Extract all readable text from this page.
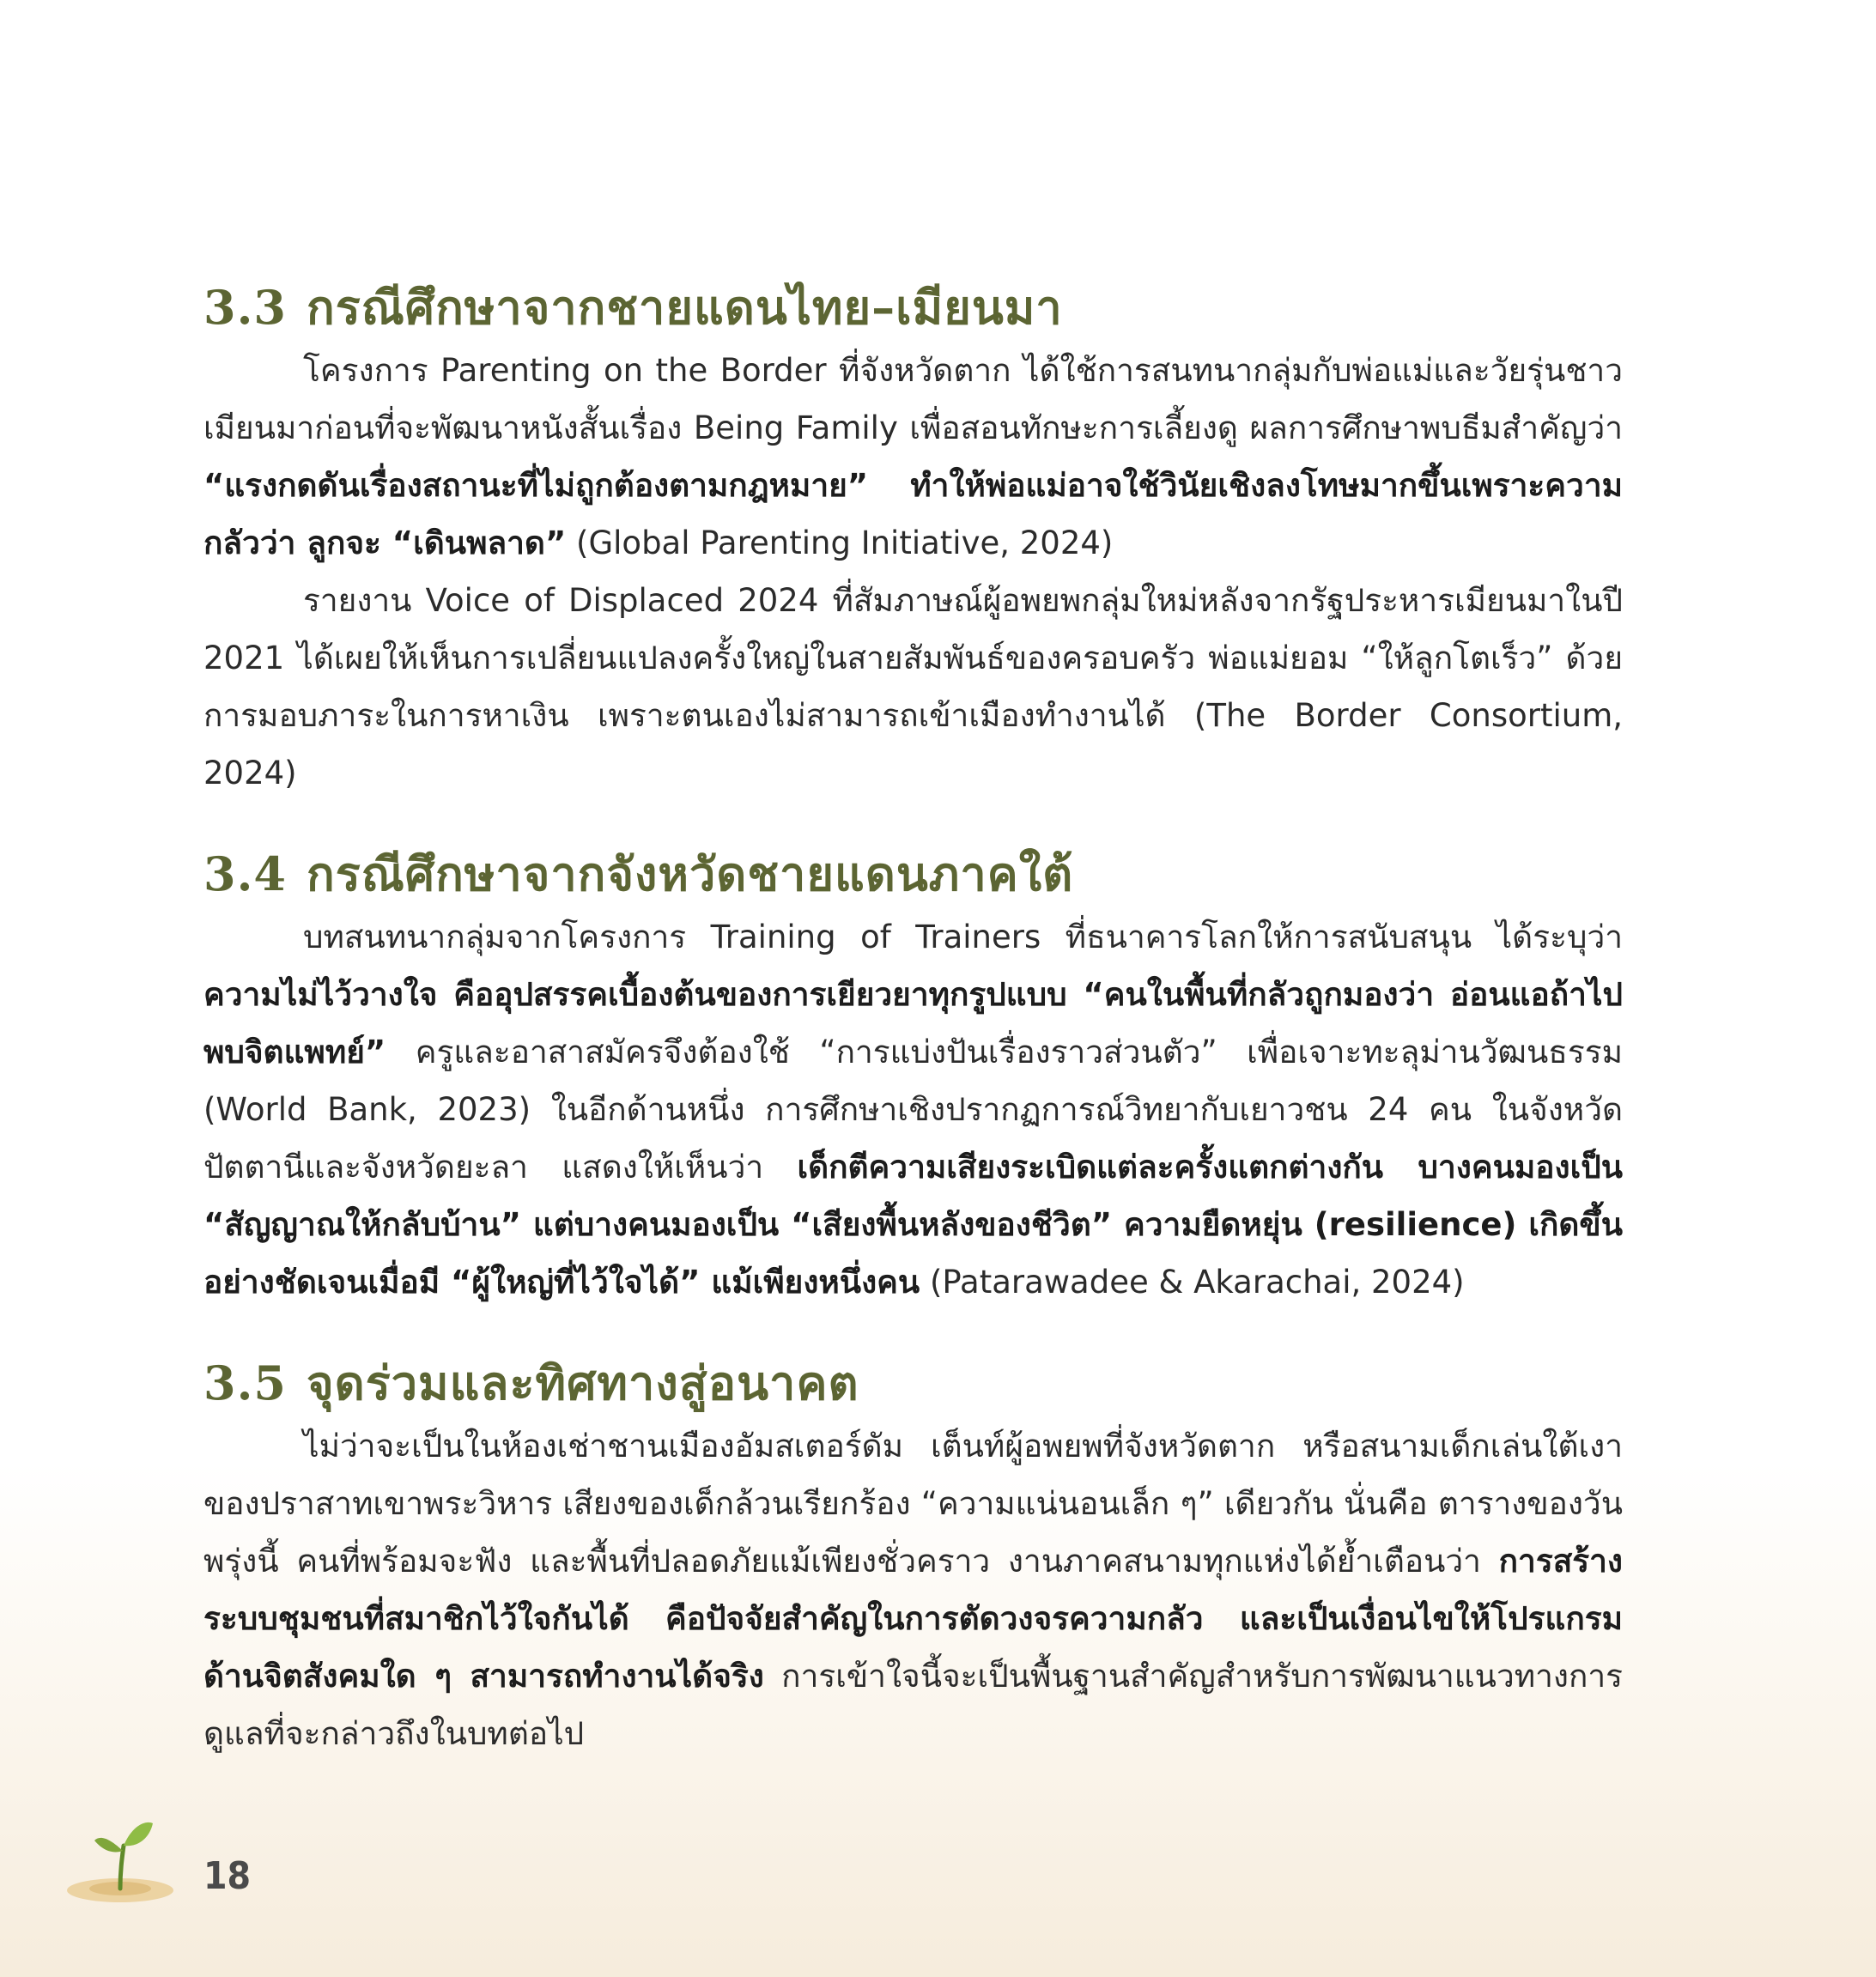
3.3 กรณีศึกษาจากชายแดนไทย–เมียนมา

โครงการ Parenting on the Border ที่จังหวัดตาก ได้ใช้การสนทนากลุ่มกับพ่อแม่และวัยรุ่นชาวเมียนมาก่อนที่จะพัฒนาหนังสั้นเรื่อง Being Family เพื่อสอนทักษะการเลี้ยงดู ผลการศึกษาพบธีมสำคัญว่า “แรงกดดันเรื่องสถานะที่ไม่ถูกต้องตามกฎหมาย” ทำให้พ่อแม่อาจใช้วินัยเชิงลงโทษมากขึ้นเพราะความกลัวว่า ลูกจะ “เดินพลาด” (Global Parenting Initiative, 2024)

รายงาน Voice of Displaced 2024 ที่สัมภาษณ์ผู้อพยพกลุ่มใหม่หลังจากรัฐประหารเมียนมาในปี 2021 ได้เผยให้เห็นการเปลี่ยนแปลงครั้งใหญ่ในสายสัมพันธ์ของครอบครัว พ่อแม่ยอม “ให้ลูกโตเร็ว” ด้วยการมอบภาระในการหาเงิน เพราะตนเองไม่สามารถเข้าเมืองทำงานได้ (The Border Consortium, 2024)

3.4 กรณีศึกษาจากจังหวัดชายแดนภาคใต้

บทสนทนากลุ่มจากโครงการ Training of Trainers ที่ธนาคารโลกให้การสนับสนุน ได้ระบุว่า ความไม่ไว้วางใจ คืออุปสรรคเบื้องต้นของการเยียวยาทุกรูปแบบ “คนในพื้นที่กลัวถูกมองว่า อ่อนแอถ้าไปพบจิตแพทย์” ครูและอาสาสมัครจึงต้องใช้ “การแบ่งปันเรื่องราวส่วนตัว” เพื่อเจาะทะลุม่านวัฒนธรรม (World Bank, 2023) ในอีกด้านหนึ่ง การศึกษาเชิงปรากฏการณ์วิทยากับเยาวชน 24 คน ในจังหวัดปัตตานีและจังหวัดยะลา แสดงให้เห็นว่า เด็กตีความเสียงระเบิดแต่ละครั้งแตกต่างกัน บางคนมองเป็น “สัญญาณให้กลับบ้าน” แต่บางคนมองเป็น “เสียงพื้นหลังของชีวิต” ความยืดหยุ่น (resilience) เกิดขึ้นอย่างชัดเจนเมื่อมี “ผู้ใหญ่ที่ไว้ใจได้” แม้เพียงหนึ่งคน (Patarawadee & Akarachai, 2024)

3.5 จุดร่วมและทิศทางสู่อนาคต

ไม่ว่าจะเป็นในห้องเช่าชานเมืองอัมสเตอร์ดัม เต็นท์ผู้อพยพที่จังหวัดตาก หรือสนามเด็กเล่นใต้เงาของปราสาทเขาพระวิหาร เสียงของเด็กล้วนเรียกร้อง “ความแน่นอนเล็ก ๆ” เดียวกัน นั่นคือ ตารางของวันพรุ่งนี้ คนที่พร้อมจะฟัง และพื้นที่ปลอดภัยแม้เพียงชั่วคราว งานภาคสนามทุกแห่งได้ย้ำเตือนว่า การสร้างระบบชุมชนที่สมาชิกไว้ใจกันได้ คือปัจจัยสำคัญในการตัดวงจรความกลัว และเป็นเงื่อนไขให้โปรแกรมด้านจิตสังคมใด ๆ สามารถทำงานได้จริง การเข้าใจนี้จะเป็นพื้นฐานสำคัญสำหรับการพัฒนาแนวทางการดูแลที่จะกล่าวถึงในบทต่อไป

18
